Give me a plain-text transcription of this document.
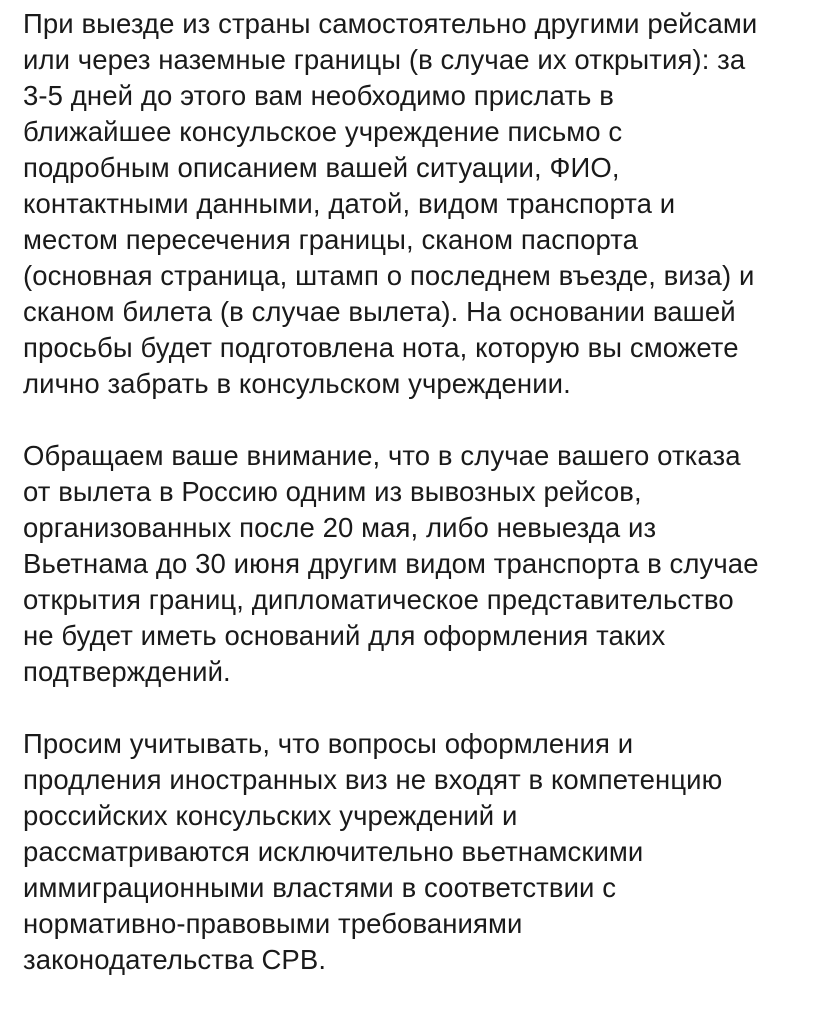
При выезде из страны самостоятельно другими рейсами
или через наземные границы (в случае их открытия): за
3-5 дней до этого вам необходимо прислать в
ближайшее консульское учреждение письмо с
подробным описанием вашей ситуации, ФИО,
контактными данными, датой, видом транспорта и
местом пересечения границы, сканом паспорта
(основная страница, штамп о последнем въезде, виза) и
сканом билета (в случае вылета). На основании вашей
просьбы будет подготовлена нота, которую вы сможете
лично забрать в консульском учреждении.

Обращаем ваше внимание, что в случае вашего отказа
от вылета в Россию одним из вывозных рейсов,
организованных после 20 мая, либо невыезда из
Вьетнама до 30 июня другим видом транспорта в случае
открытия границ, дипломатическое представительство
не будет иметь оснований для оформления таких
подтверждений.

Просим учитывать, что вопросы оформления и
продления иностранных виз не входят в компетенцию
российских консульских учреждений и
рассматриваются исключительно вьетнамскими
иммиграционными властями в соответствии с
нормативно-правовыми требованиями
законодательства СРВ.
